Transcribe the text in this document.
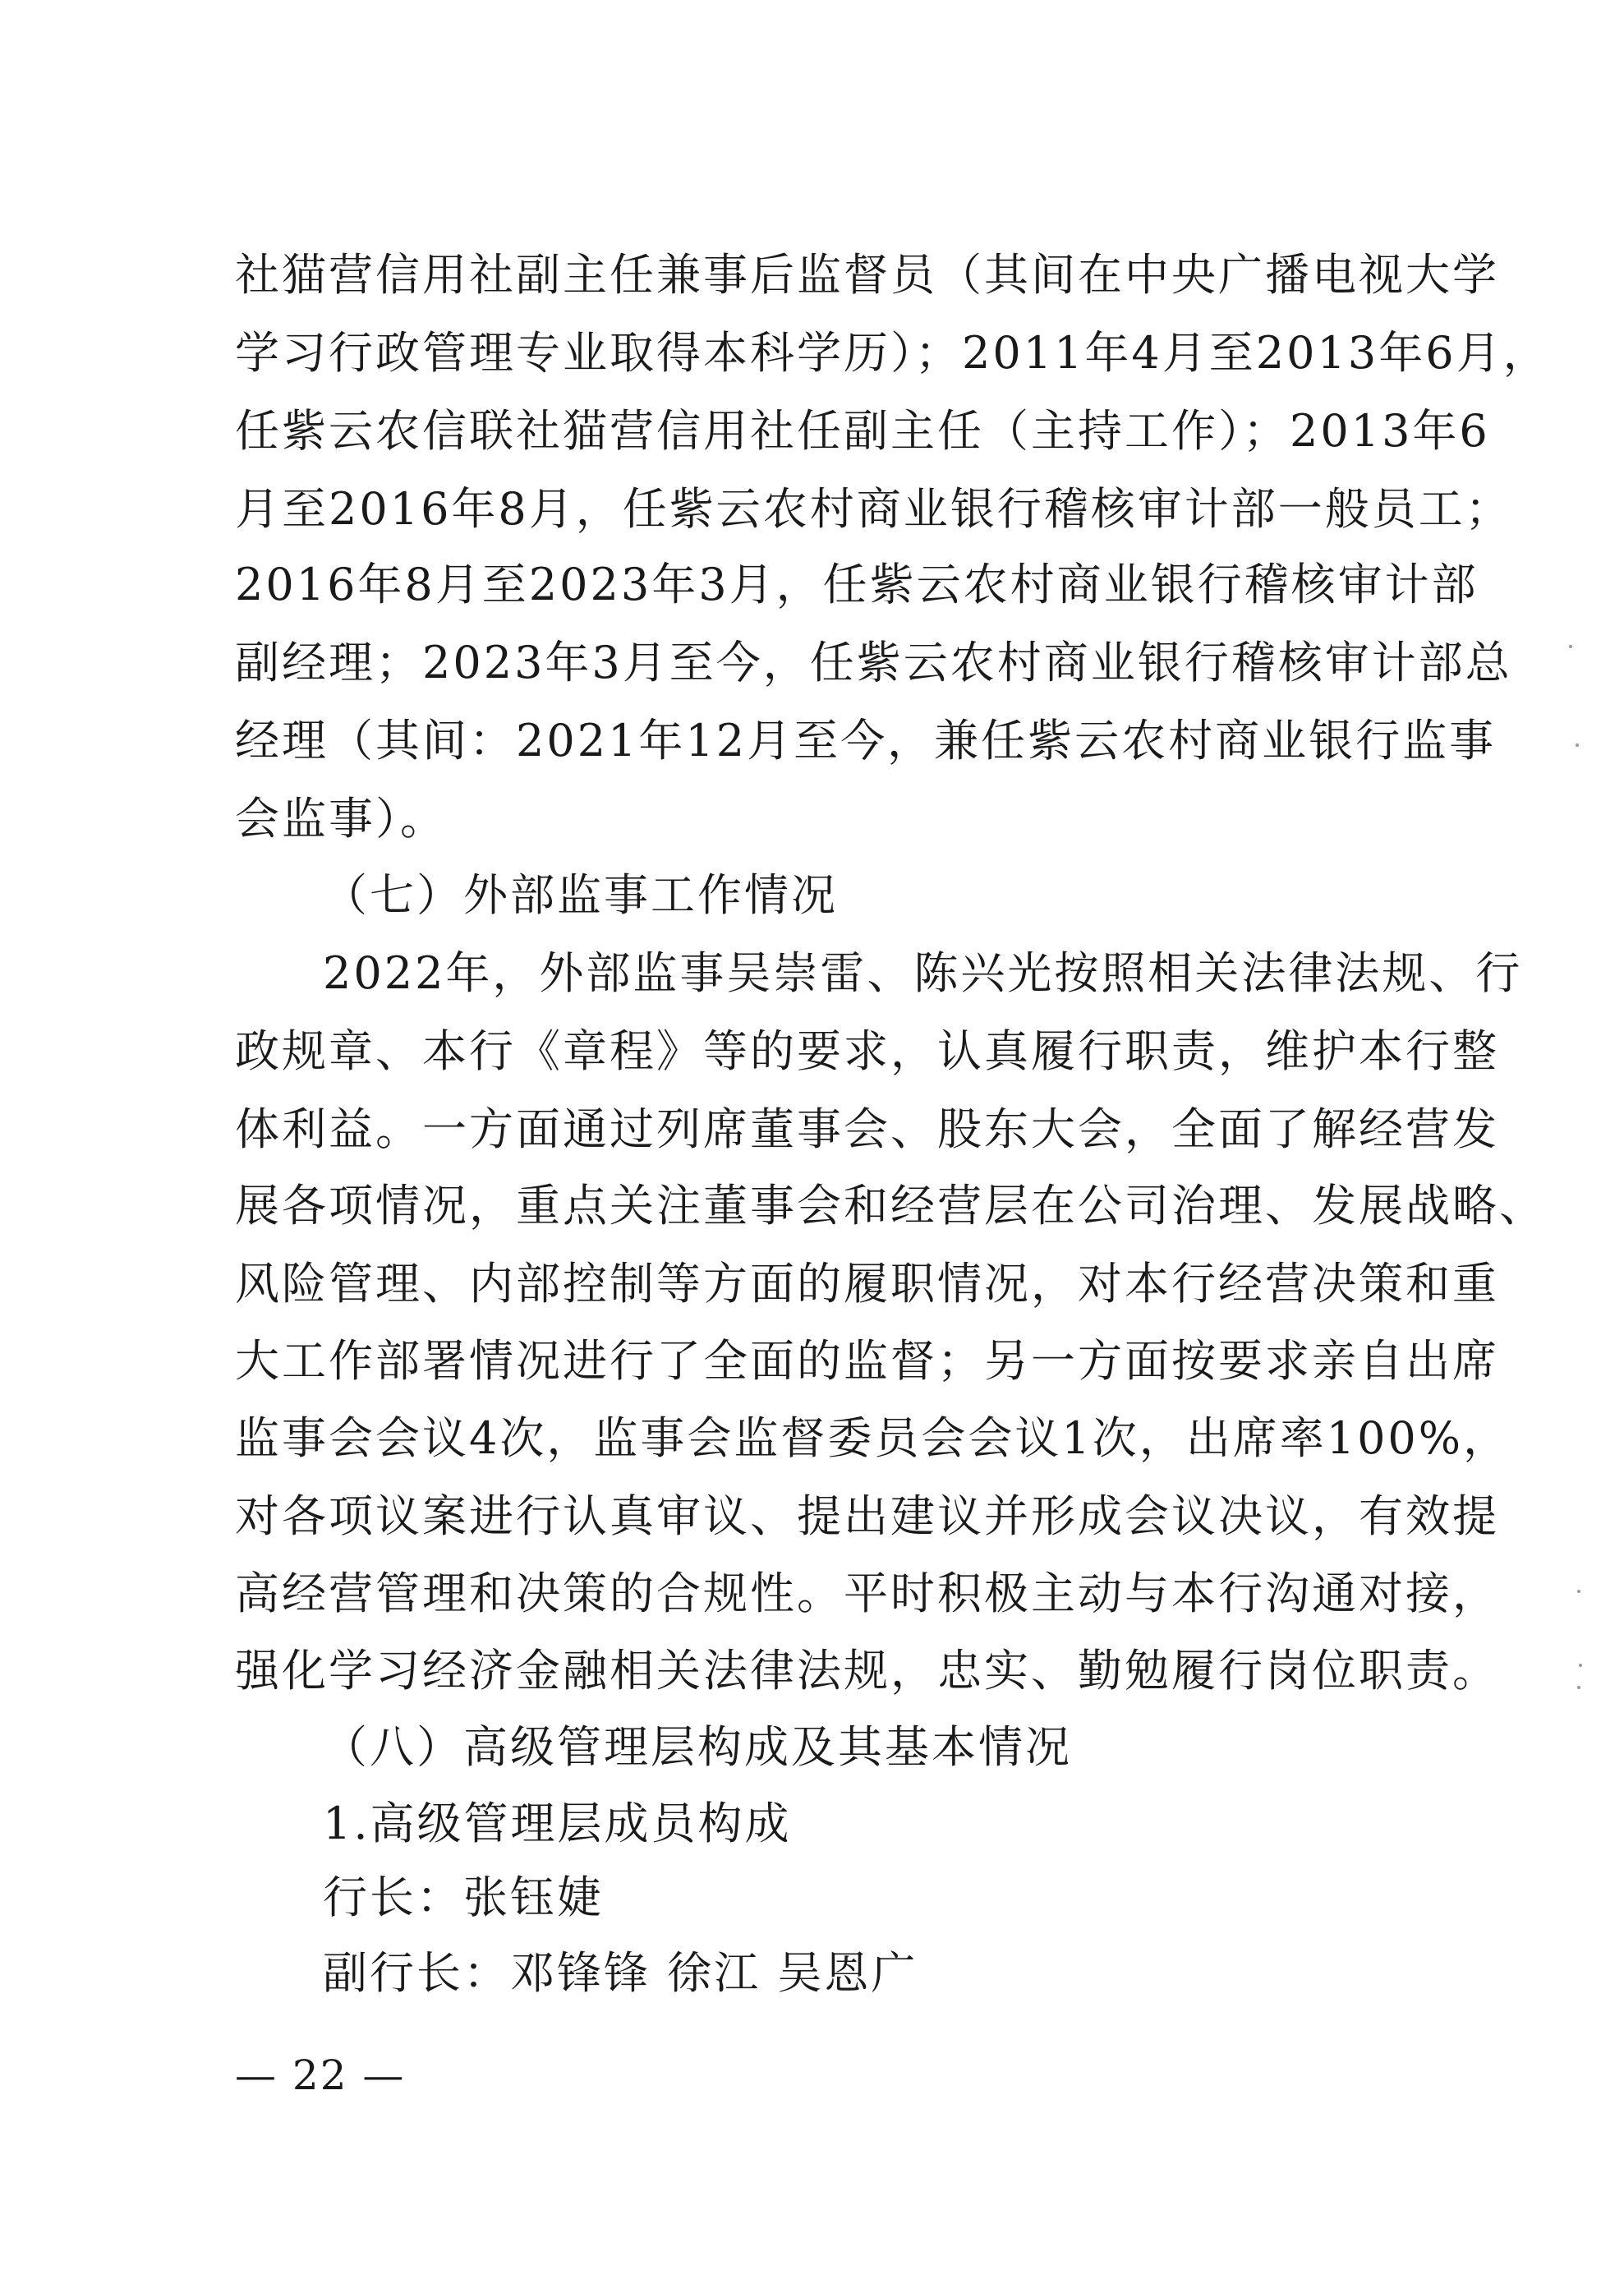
社猫营信用社副主任兼事后监督员（其间在中央广播电视大学
学习行政管理专业取得本科学历）；2011年4月至2013年6月，
任紫云农信联社猫营信用社任副主任（主持工作）；2013年6
月至2016年8月，任紫云农村商业银行稽核审计部一般员工；
2016年8月至2023年3月，任紫云农村商业银行稽核审计部
副经理；2023年3月至今，任紫云农村商业银行稽核审计部总
经理（其间：2021年12月至今，兼任紫云农村商业银行监事
会监事）。
（七）外部监事工作情况
2022年，外部监事吴崇雷、陈兴光按照相关法律法规、行
政规章、本行《章程》等的要求，认真履行职责，维护本行整
体利益。一方面通过列席董事会、股东大会，全面了解经营发
展各项情况，重点关注董事会和经营层在公司治理、发展战略、
风险管理、内部控制等方面的履职情况，对本行经营决策和重
大工作部署情况进行了全面的监督；另一方面按要求亲自出席
监事会会议4次，监事会监督委员会会议1次，出席率100%，
对各项议案进行认真审议、提出建议并形成会议决议，有效提
高经营管理和决策的合规性。平时积极主动与本行沟通对接，
强化学习经济金融相关法律法规，忠实、勤勉履行岗位职责。
（八）高级管理层构成及其基本情况
1.高级管理层成员构成
行长：张钰婕
副行长：邓锋锋 徐江 吴恩广
— 22 —
